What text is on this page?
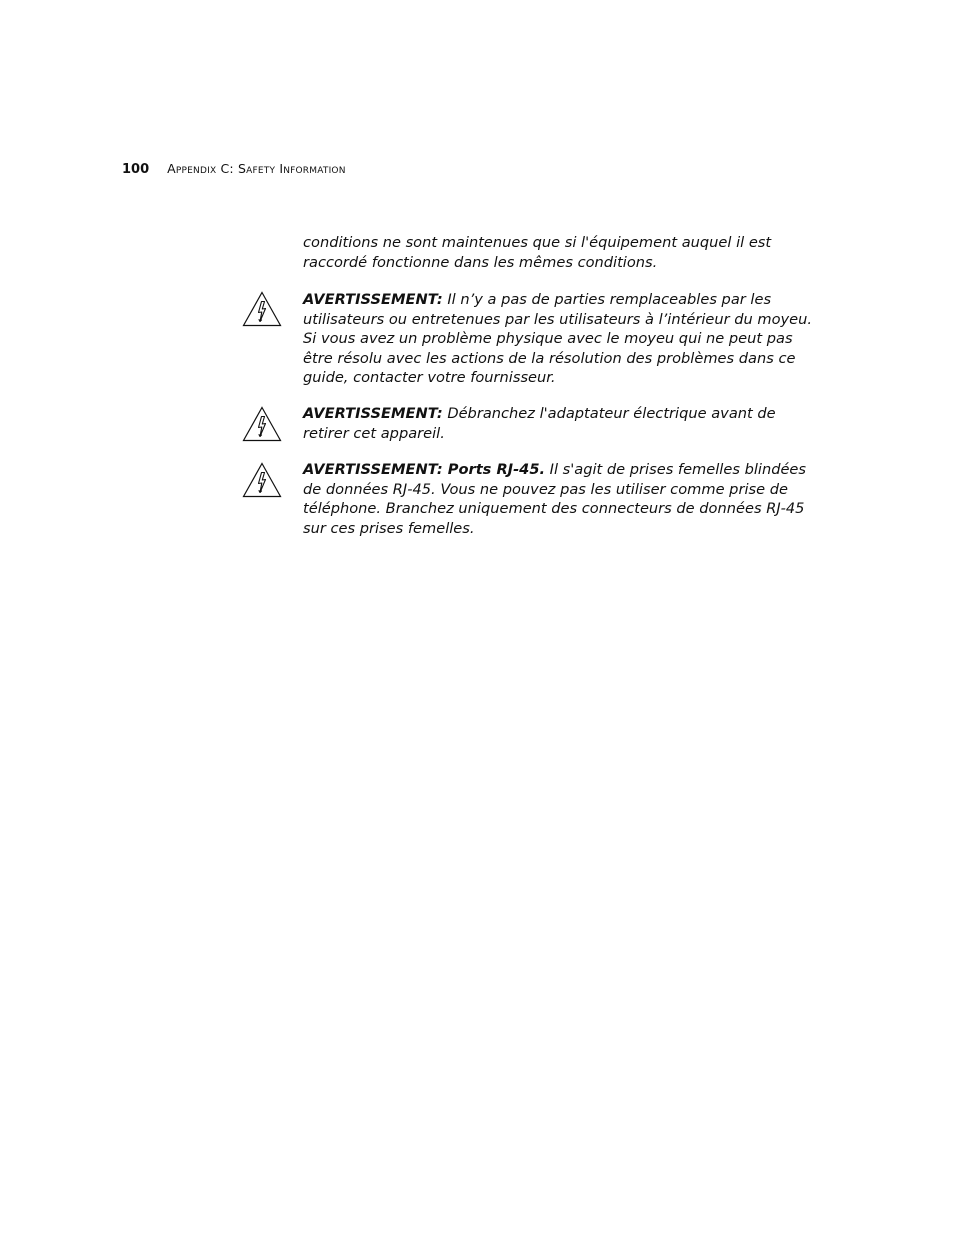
100 Appendix C: Safety Information

conditions ne sont maintenues que si l'équipement auquel il est raccordé fonctionne dans les mêmes conditions.

AVERTISSEMENT: Il n’y a pas de parties remplaceables par les utilisateurs ou entretenues par les utilisateurs à l’intérieur du moyeu. Si vous avez un problème physique avec le moyeu qui ne peut pas être résolu avec les actions de la résolution des problèmes dans ce guide, contacter votre fournisseur.

AVERTISSEMENT: Débranchez l'adaptateur électrique avant de retirer cet appareil.

AVERTISSEMENT: Ports RJ-45. Il s'agit de prises femelles blindées de données RJ-45. Vous ne pouvez pas les utiliser comme prise de téléphone. Branchez uniquement des connecteurs de données RJ-45 sur ces prises femelles.
